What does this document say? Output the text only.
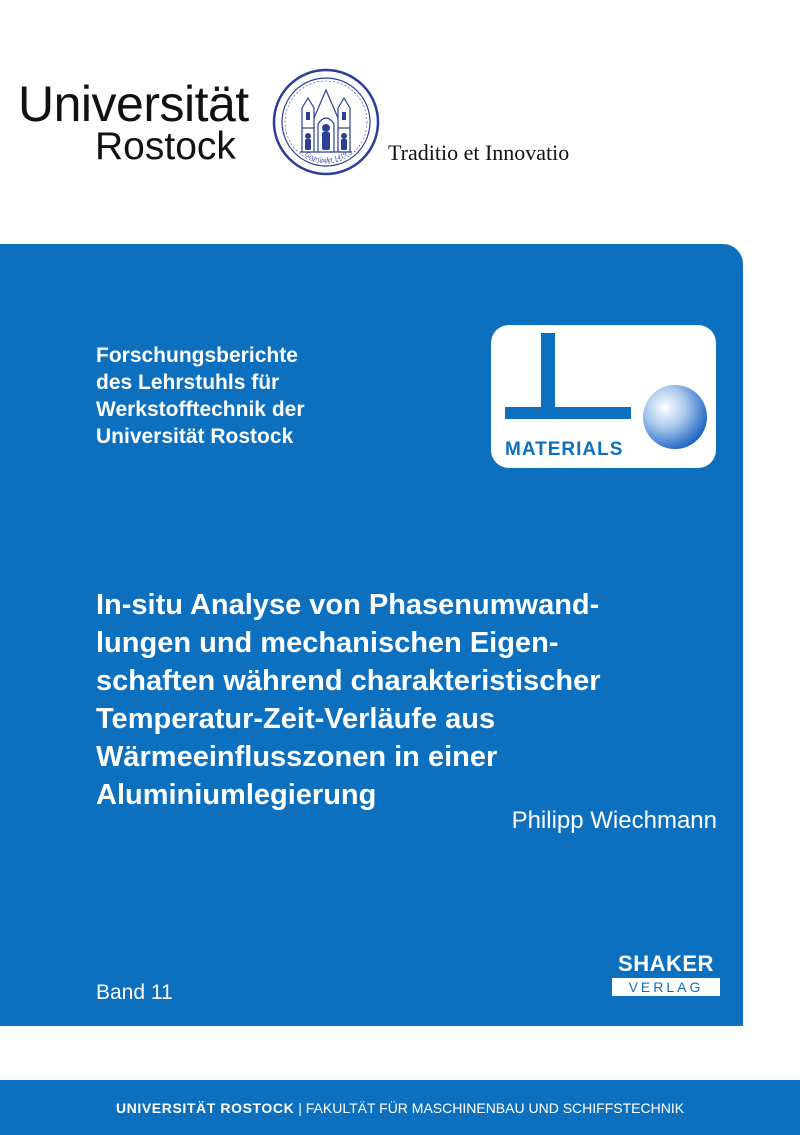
Universität
Rostock	Gegründet 1419 Traditio et Innovatio
Forschungsberichte
des Lehrstuhls für
Werkstofftechnik der
Universität Rostock
MATERIALS
In-situ Analyse von Phasenumwand-
lungen und mechanischen Eigen-
schaften während charakteristischer
Temperatur-Zeit-Verläufe aus
Wärmeeinflusszonen in einer
Aluminiumlegierung
Philipp Wiechmann
Band 11
SHAKER
VERLAG
UNIVERSITÄT ROSTOCK | FAKULTÄT FÜR MASCHINENBAU UND SCHIFFSTECHNIK
